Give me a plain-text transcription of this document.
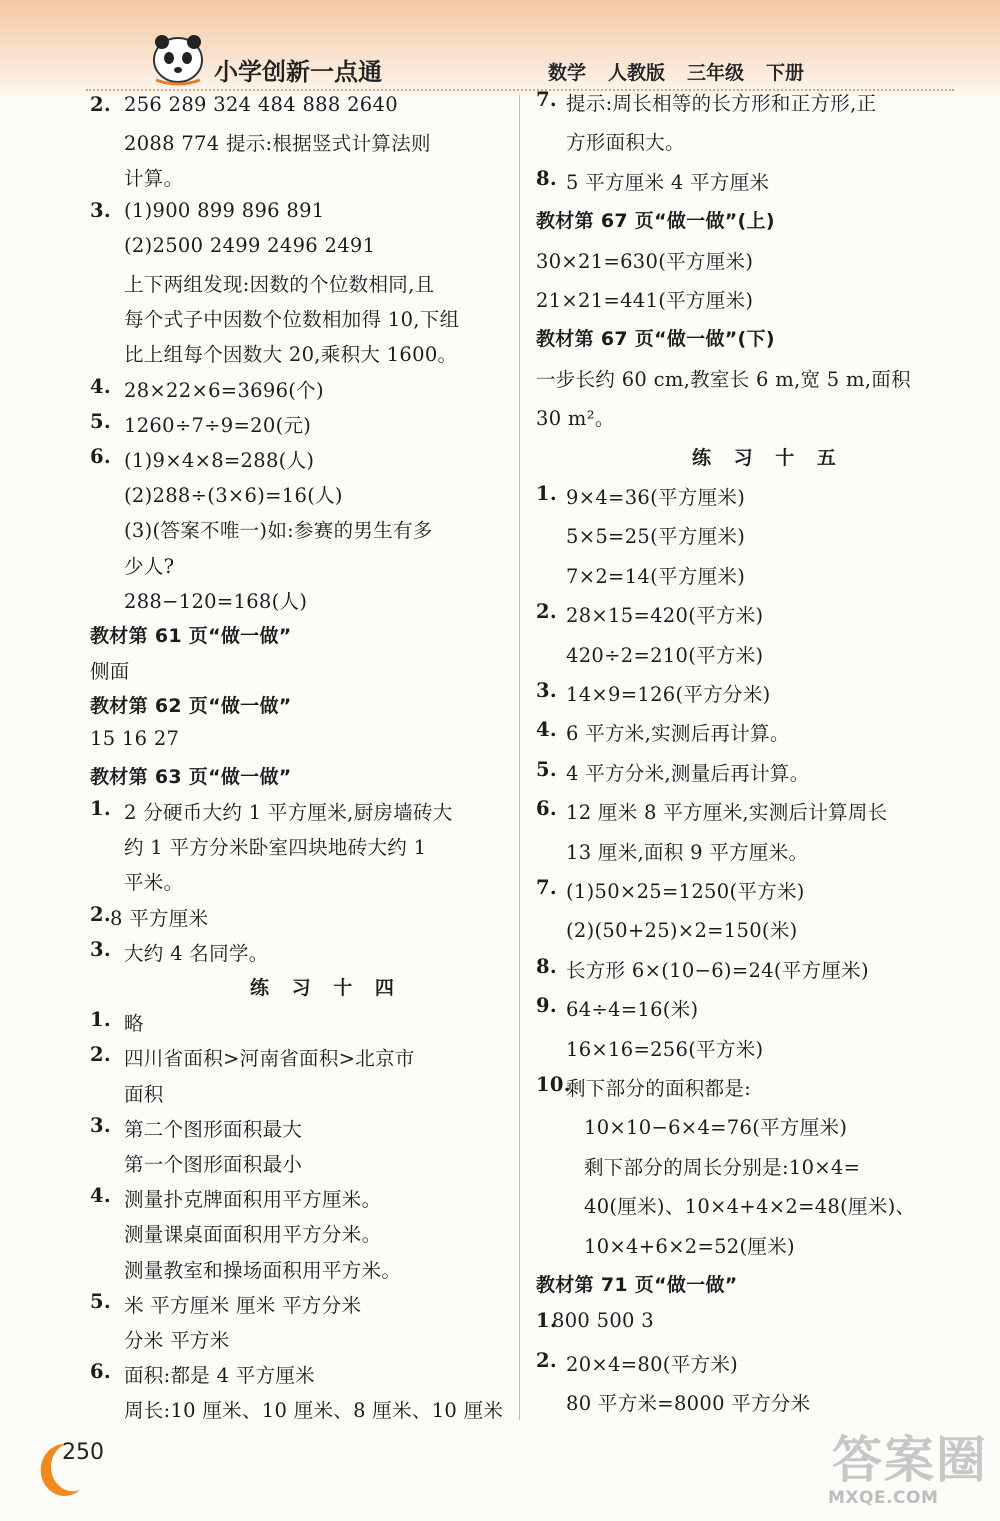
小学创新一点通	数学 人教版 三年级 下册
2. 256 289 324 484 888 2640
2088 774 提示:根据竖式计算法则
计算。
3. (1)900 899 896 891
(2)2500 2499 2496 2491
上下两组发现:因数的个位数相同,且
每个式子中因数个位数相加得 10,下组
比上组每个因数大 20,乘积大 1600。
4. 28×22×6=3696(个)
5. 1260÷7÷9=20(元)
6. (1)9×4×8=288(人)
(2)288÷(3×6)=16(人)
(3)(答案不唯一)如:参赛的男生有多
少人?
288−120=168(人)
教材第 61 页“做一做”
侧面
教材第 62 页“做一做”
15 16 27
教材第 63 页“做一做”
1. 2 分硬币大约 1 平方厘米,厨房墙砖大
约 1 平方分米卧室四块地砖大约 1
平米。
2. 8 平方厘米
3. 大约 4 名同学。
练 习 十 四
1. 略
2. 四川省面积>河南省面积>北京市
面积
3. 第二个图形面积最大
第一个图形面积最小
4. 测量扑克牌面积用平方厘米。
测量课桌面面积用平方分米。
测量教室和操场面积用平方米。
5. 米 平方厘米 厘米 平方分米
分米 平方米
6. 面积:都是 4 平方厘米
周长:10 厘米、10 厘米、8 厘米、10 厘米
7. 提示:周长相等的长方形和正方形,正
方形面积大。
8. 5 平方厘米 4 平方厘米
教材第 67 页“做一做”(上)
30×21=630(平方厘米)
21×21=441(平方厘米)
教材第 67 页“做一做”(下)
一步长约 60 cm,教室长 6 m,宽 5 m,面积
30 m²。
练 习 十 五
1. 9×4=36(平方厘米)
5×5=25(平方厘米)
7×2=14(平方厘米)
2. 28×15=420(平方米)
420÷2=210(平方米)
3. 14×9=126(平方分米)
4. 6 平方米,实测后再计算。
5. 4 平方分米,测量后再计算。
6. 12 厘米 8 平方厘米,实测后计算周长
13 厘米,面积 9 平方厘米。
7. (1)50×25=1250(平方米)
(2)(50+25)×2=150(米)
8. 长方形 6×(10−6)=24(平方厘米)
9. 64÷4=16(米)
16×16=256(平方米)
10.
剩下部分的面积都是:
10×10−6×4=76(平方厘米)
剩下部分的周长分别是:10×4=
40(厘米)、10×4+4×2=48(厘米)、
10×4+6×2=52(厘米)
教材第 71 页“做一做”
1.
800 500 3
2. 20×4=80(平方米)
80 平方米=8000 平方分米
250	答案圈
MXQE.COM
